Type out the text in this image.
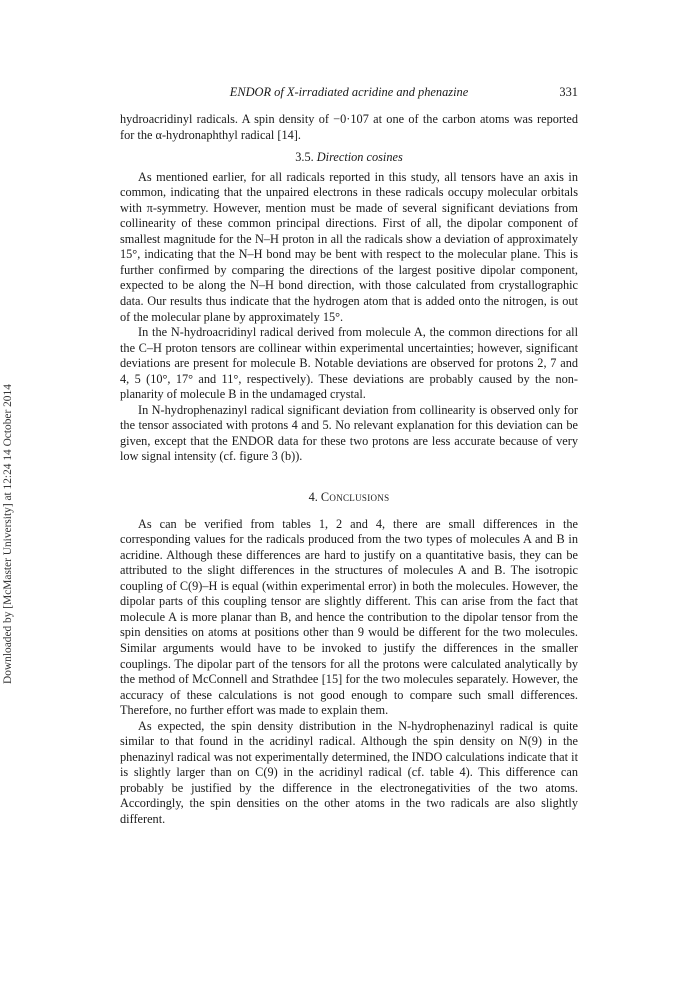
ENDOR of X-irradiated acridine and phenazine	331
Downloaded by [McMaster University] at 12:24 14 October 2014

hydroacridinyl radicals. A spin density of −0·107 at one of the carbon atoms was reported for the α-hydronaphthyl radical [14].

3.5. Direction cosines

As mentioned earlier, for all radicals reported in this study, all tensors have an axis in common, indicating that the unpaired electrons in these radicals occupy molecular orbitals with π-symmetry. However, mention must be made of several significant deviations from collinearity of these common principal directions. First of all, the dipolar component of smallest magnitude for the N–H proton in all the radicals show a deviation of approximately 15°, indicating that the N–H bond may be bent with respect to the molecular plane. This is further confirmed by comparing the directions of the largest positive dipolar component, expected to be along the N–H bond direction, with those calculated from crystallographic data. Our results thus indicate that the hydrogen atom that is added onto the nitrogen, is out of the molecular plane by approximately 15°.

In the N-hydroacridinyl radical derived from molecule A, the common directions for all the C–H proton tensors are collinear within experimental uncertainties; however, significant deviations are present for molecule B. Notable deviations are observed for protons 2, 7 and 4, 5 (10°, 17° and 11°, respectively). These deviations are probably caused by the non-planarity of molecule B in the undamaged crystal.

In N-hydrophenazinyl radical significant deviation from collinearity is observed only for the tensor associated with protons 4 and 5. No relevant explanation for this deviation can be given, except that the ENDOR data for these two protons are less accurate because of very low signal intensity (cf. figure 3 (b)).

4. Conclusions

As can be verified from tables 1, 2 and 4, there are small differences in the corresponding values for the radicals produced from the two types of molecules A and B in acridine. Although these differences are hard to justify on a quantitative basis, they can be attributed to the slight differences in the structures of molecules A and B. The isotropic coupling of C(9)–H is equal (within experimental error) in both the molecules. However, the dipolar parts of this coupling tensor are slightly different. This can arise from the fact that molecule A is more planar than B, and hence the contribution to the dipolar tensor from the spin densities on atoms at positions other than 9 would be different for the two molecules. Similar arguments would have to be invoked to justify the differences in the smaller couplings. The dipolar part of the tensors for all the protons were calculated analytically by the method of McConnell and Strathdee [15] for the two molecules separately. However, the accuracy of these calculations is not good enough to compare such small differences. Therefore, no further effort was made to explain them.

As expected, the spin density distribution in the N-hydrophenazinyl radical is quite similar to that found in the acridinyl radical. Although the spin density on N(9) in the phenazinyl radical was not experimentally determined, the INDO calculations indicate that it is slightly larger than on C(9) in the acridinyl radical (cf. table 4). This difference can probably be justified by the difference in the electronegativities of the two atoms. Accordingly, the spin densities on the other atoms in the two radicals are also slightly different.
